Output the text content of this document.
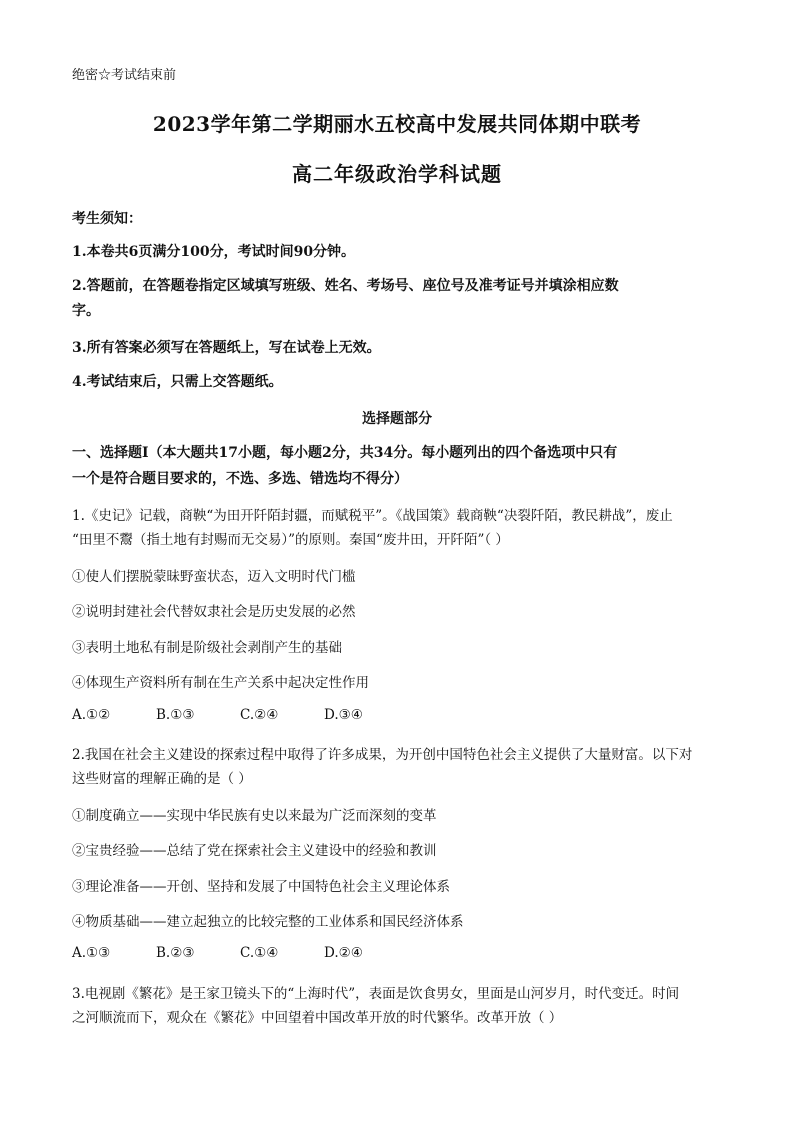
绝密☆考试结束前
2023学年第二学期丽水五校高中发展共同体期中联考
高二年级政治学科试题
考生须知：
1.本卷共6页满分100分，考试时间90分钟。
2.答题前，在答题卷指定区域填写班级、姓名、考场号、座位号及准考证号并填涂相应数
字。
3.所有答案必须写在答题纸上，写在试卷上无效。
4.考试结束后，只需上交答题纸。
选择题部分
一、选择题Ⅰ（本大题共17小题，每小题2分，共34分。每小题列出的四个备选项中只有
一个是符合题目要求的，不选、多选、错选均不得分）
1.《史记》记载，商鞅“为田开阡陌封疆，而赋税平”。《战国策》载商鞅“决裂阡陌，教民耕战”，废止
“田里不鬻（指土地有封赐而无交易）”的原则。秦国“废井田，开阡陌”（ ）
①使人们摆脱蒙昧野蛮状态，迈入文明时代门槛
②说明封建社会代替奴隶社会是历史发展的必然
③表明土地私有制是阶级社会剥削产生的基础
④体现生产资料所有制在生产关系中起决定性作用
A.①②	B.①③	C.②④	D.③④
2.我国在社会主义建设的探索过程中取得了许多成果，为开创中国特色社会主义提供了大量财富。以下对
这些财富的理解正确的是（ ）
①制度确立——实现中华民族有史以来最为广泛而深刻的变革
②宝贵经验——总结了党在探索社会主义建设中的经验和教训
③理论准备——开创、坚持和发展了中国特色社会主义理论体系
④物质基础——建立起独立的比较完整的工业体系和国民经济体系
A.①③	B.②③	C.①④	D.②④
3.电视剧《繁花》是王家卫镜头下的“上海时代”，表面是饮食男女，里面是山河岁月，时代变迁。时间
之河顺流而下，观众在《繁花》中回望着中国改革开放的时代繁华。改革开放（ ）
